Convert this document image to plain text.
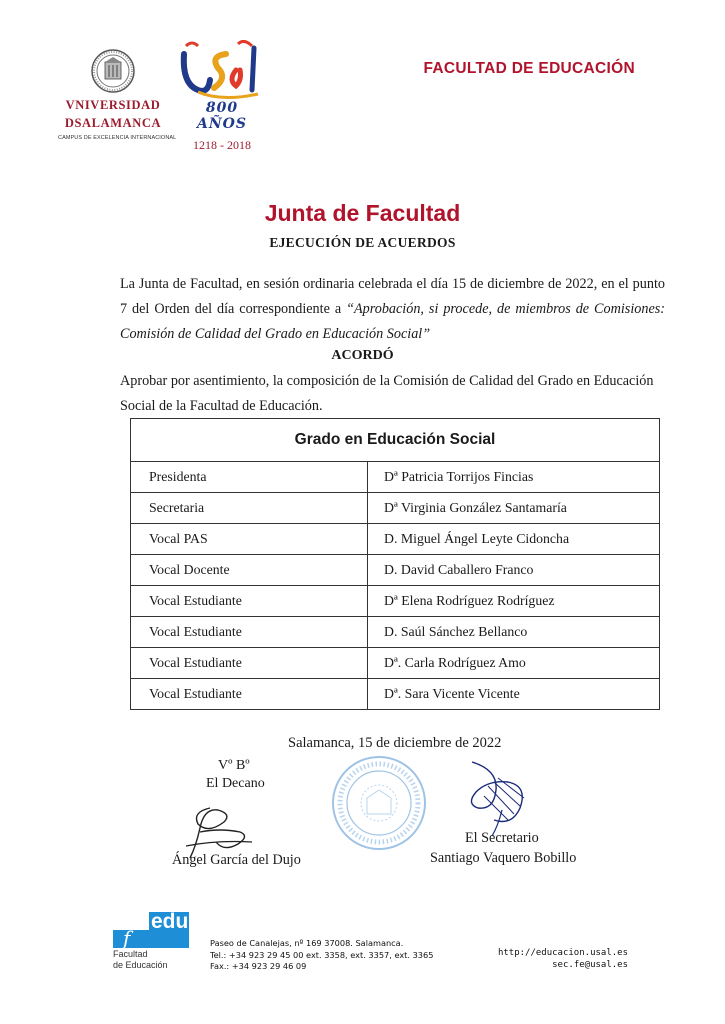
VNIVERSIDAD
DSALAMANCA
CAMPUS DE EXCELENCIA INTERNACIONAL
800 AÑOS
1218 - 2018
FACULTAD DE EDUCACIÓN
Junta de Facultad
EJECUCIÓN DE ACUERDOS
La Junta de Facultad, en sesión ordinaria celebrada el día 15 de diciembre de 2022, en el punto 7 del Orden del día correspondiente a “Aprobación, si procede, de miembros de Comisiones: Comisión de Calidad del Grado en Educación Social”
ACORDÓ
Aprobar por asentimiento, la composición de la Comisión de Calidad del Grado en Educación Social de la Facultad de Educación.
Grado en Educación Social	
Presidenta	Dª Patricia Torrijos Fincias
Secretaria	Dª Virginia González Santamaría
Vocal PAS	D. Miguel Ángel Leyte Cidoncha
Vocal Docente	D. David Caballero Franco
Vocal Estudiante	Dª Elena Rodríguez Rodríguez
Vocal Estudiante	D. Saúl Sánchez Bellanco
Vocal Estudiante	Dª. Carla Rodríguez Amo
Vocal Estudiante	Dª. Sara Vicente Vicente
Salamanca, 15 de diciembre de 2022
Vº Bº
El Decano
Ángel García del Dujo
El Secretario
Santiago Vaquero Bobillo
f
edu
Facultad
de Educación
Paseo de Canalejas, nº 169 37008. Salamanca.
Tel.: +34 923 29 45 00 ext. 3358, ext. 3357, ext. 3365
Fax.: +34 923 29 46 09
http://educacion.usal.es
sec.fe@usal.es
